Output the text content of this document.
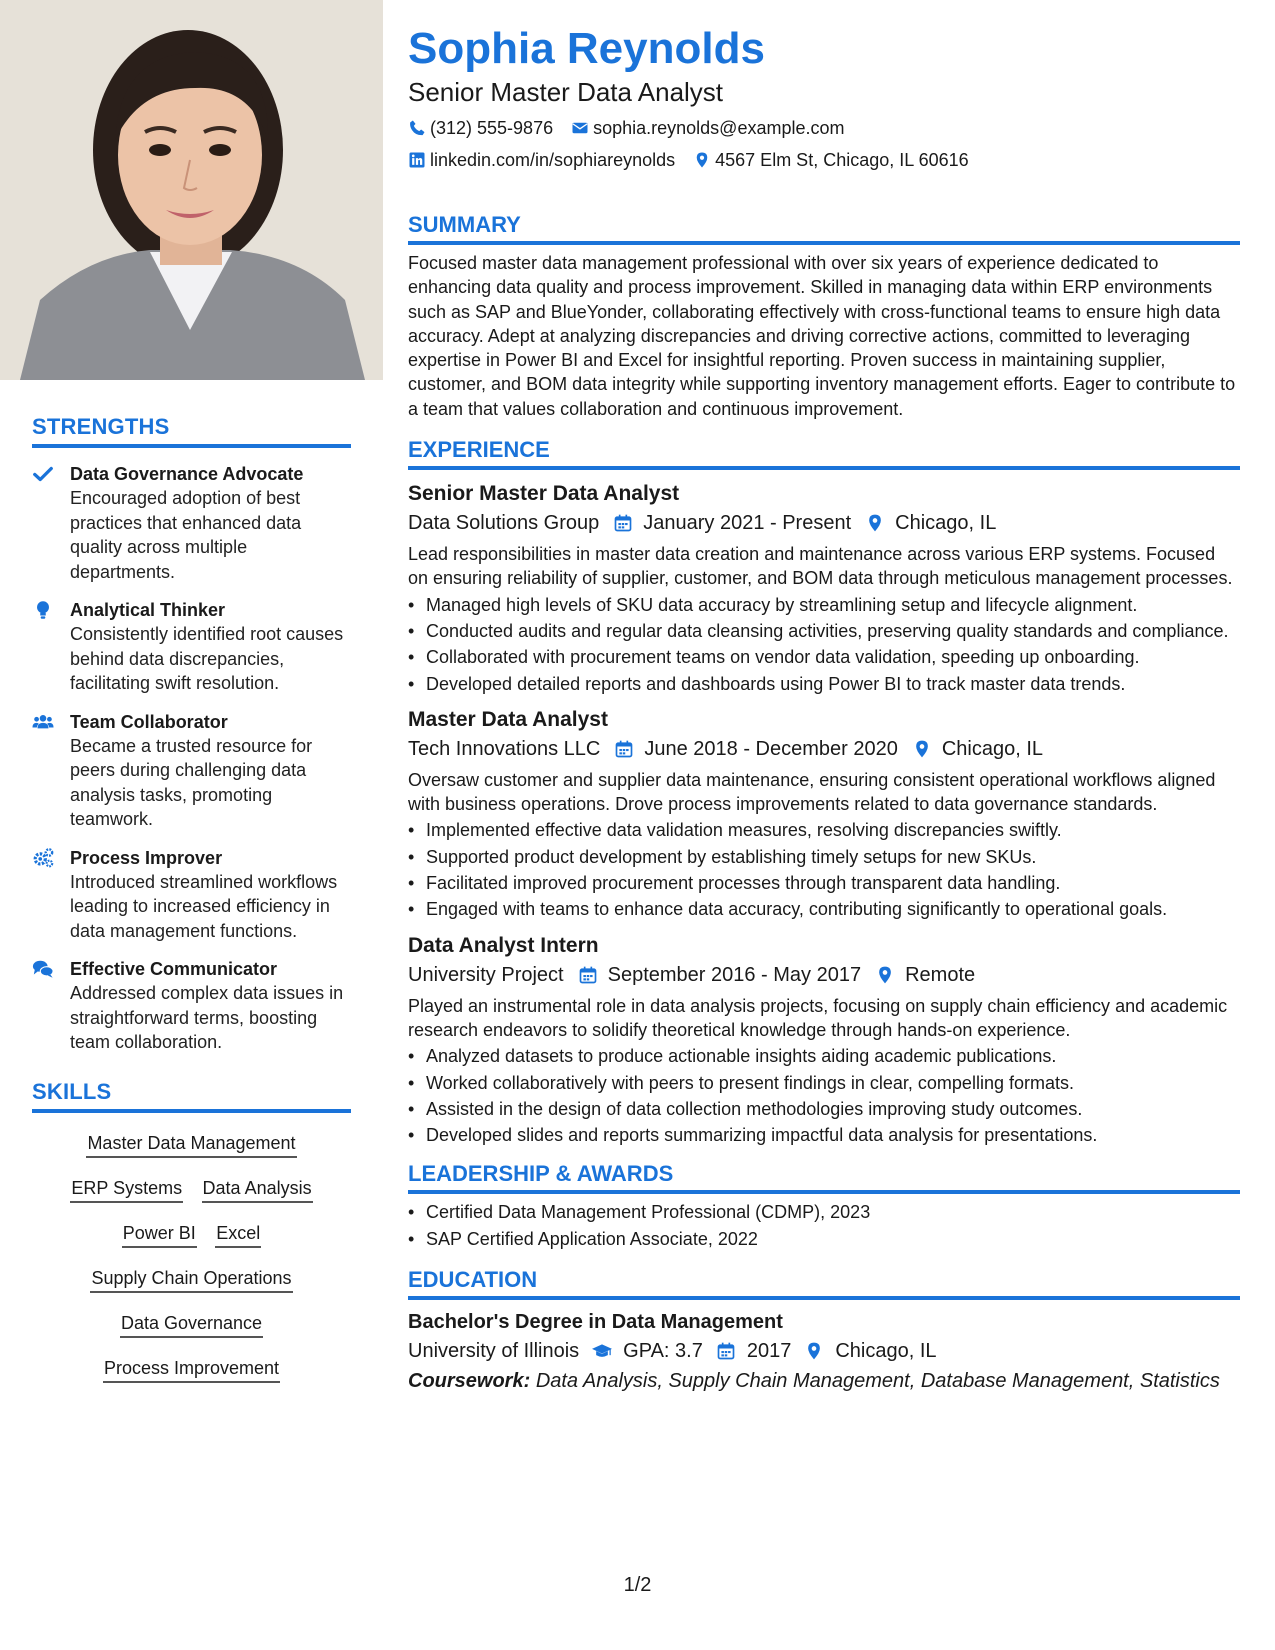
STRENGTHS
Data Governance Advocate
Encouraged adoption of best practices that enhanced data quality across multiple departments.
Analytical Thinker
Consistently identified root causes behind data discrepancies, facilitating swift resolution.
Team Collaborator
Became a trusted resource for peers during challenging data analysis tasks, promoting teamwork.
Process Improver
Introduced streamlined workflows leading to increased efficiency in data management functions.
Effective Communicator
Addressed complex data issues in straightforward terms, boosting team collaboration.
SKILLS
Master Data Management
ERP Systems Data Analysis
Power BI Excel
Supply Chain Operations
Data Governance
Process Improvement
Sophia Reynolds
Senior Master Data Analyst
(312) 555-9876 sophia.reynolds@example.com
linkedin.com/in/sophiareynolds 4567 Elm St, Chicago, IL 60616
SUMMARY
Focused master data management professional with over six years of experience dedicated to enhancing data quality and process improvement. Skilled in managing data within ERP environments such as SAP and BlueYonder, collaborating effectively with cross-functional teams to ensure high data accuracy. Adept at analyzing discrepancies and driving corrective actions, committed to leveraging expertise in Power BI and Excel for insightful reporting. Proven success in maintaining supplier, customer, and BOM data integrity while supporting inventory management efforts. Eager to contribute to a team that values collaboration and continuous improvement.
EXPERIENCE
Senior Master Data Analyst
Data Solutions Group January 2021 - Present Chicago, IL
Lead responsibilities in master data creation and maintenance across various ERP systems. Focused on ensuring reliability of supplier, customer, and BOM data through meticulous management processes.
• Managed high levels of SKU data accuracy by streamlining setup and lifecycle alignment.
• Conducted audits and regular data cleansing activities, preserving quality standards and compliance.
• Collaborated with procurement teams on vendor data validation, speeding up onboarding.
• Developed detailed reports and dashboards using Power BI to track master data trends.
Master Data Analyst
Tech Innovations LLC June 2018 - December 2020 Chicago, IL
Oversaw customer and supplier data maintenance, ensuring consistent operational workflows aligned with business operations. Drove process improvements related to data governance standards.
• Implemented effective data validation measures, resolving discrepancies swiftly.
• Supported product development by establishing timely setups for new SKUs.
• Facilitated improved procurement processes through transparent data handling.
• Engaged with teams to enhance data accuracy, contributing significantly to operational goals.
Data Analyst Intern
University Project September 2016 - May 2017 Remote
Played an instrumental role in data analysis projects, focusing on supply chain efficiency and academic research endeavors to solidify theoretical knowledge through hands-on experience.
• Analyzed datasets to produce actionable insights aiding academic publications.
• Worked collaboratively with peers to present findings in clear, compelling formats.
• Assisted in the design of data collection methodologies improving study outcomes.
• Developed slides and reports summarizing impactful data analysis for presentations.
LEADERSHIP & AWARDS
• Certified Data Management Professional (CDMP), 2023
• SAP Certified Application Associate, 2022
EDUCATION
Bachelor's Degree in Data Management
University of Illinois GPA: 3.7 2017 Chicago, IL
Coursework: Data Analysis, Supply Chain Management, Database Management, Statistics
1/2
